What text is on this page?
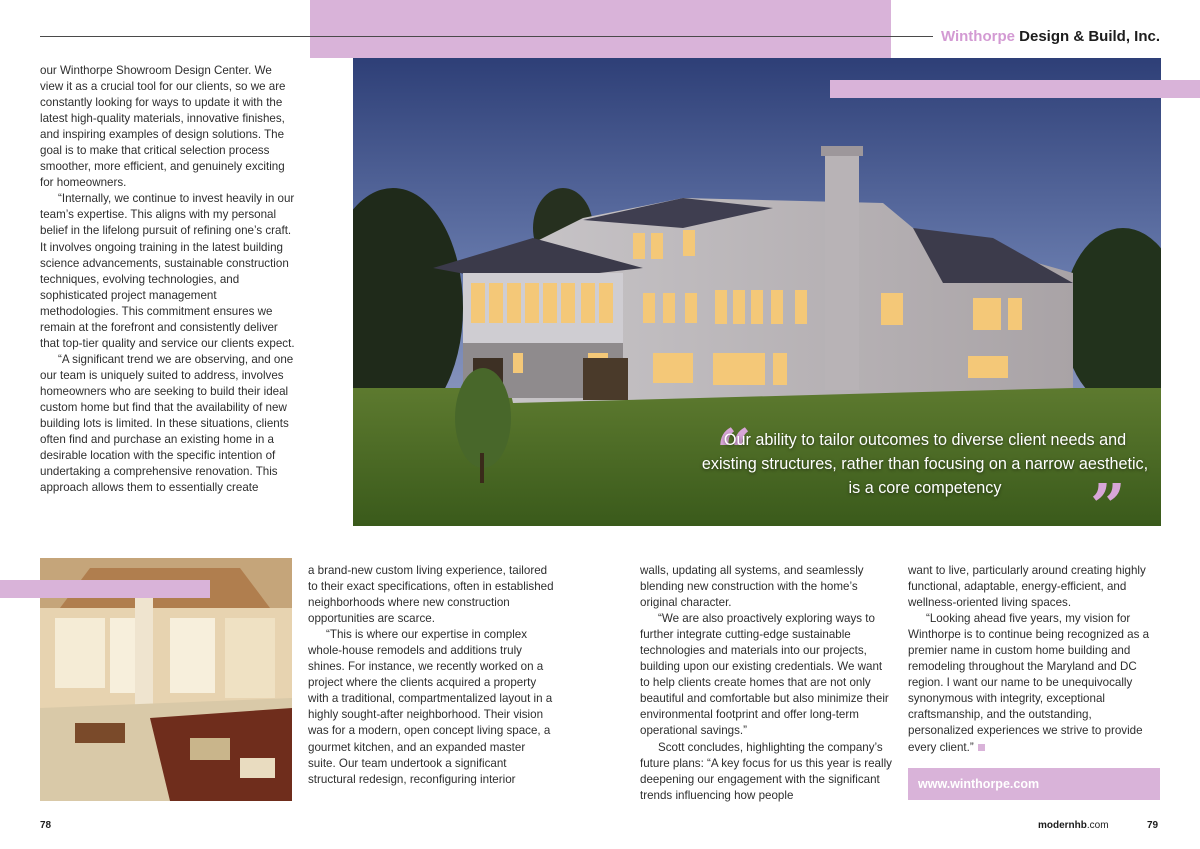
Winthorpe Design & Build, Inc.

our Winthorpe Showroom Design Center. We view it as a crucial tool for our clients, so we are constantly looking for ways to update it with the latest high-quality materials, innovative finishes, and inspiring examples of design solutions. The goal is to make that critical selection process smoother, more efficient, and genuinely exciting for homeowners.

“Internally, we continue to invest heavily in our team’s expertise. This aligns with my personal belief in the lifelong pursuit of refining one’s craft. It involves ongoing training in the latest building science advancements, sustainable construction techniques, evolving technologies, and sophisticated project management methodologies. This commitment ensures we remain at the forefront and consistently deliver that top-tier quality and service our clients expect.

“A significant trend we are observing, and one our team is uniquely suited to address, involves homeowners who are seeking to build their ideal custom home but find that the availability of new building lots is limited. In these situations, clients often find and purchase an existing home in a desirable location with the specific intention of undertaking a comprehensive renovation. This approach allows them to essentially create	“
Our ability to tailor outcomes to diverse client needs and existing structures, rather than focusing on a narrow aesthetic, is a core competency	”

a brand-new custom living experience, tailored to their exact specifications, often in established neighborhoods where new construction opportunities are scarce.

“This is where our expertise in complex whole-house remodels and additions truly shines. For instance, we recently worked on a project where the clients acquired a property with a traditional, compartmentalized layout in a highly sought-after neighborhood. Their vision was for a modern, open concept living space, a gourmet kitchen, and an expanded master suite. Our team undertook a significant structural redesign, reconfiguring interior

walls, updating all systems, and seamlessly blending new construction with the home’s original character.

“We are also proactively exploring ways to further integrate cutting-edge sustainable technologies and materials into our projects, building upon our existing credentials. We want to help clients create homes that are not only beautiful and comfortable but also minimize their environmental footprint and offer long-term operational savings.”

Scott concludes, highlighting the company’s future plans: “A key focus for us this year is really deepening our engagement with the significant trends influencing how people

want to live, particularly around creating highly functional, adaptable, energy-efficient, and wellness-oriented living spaces.

“Looking ahead five years, my vision for Winthorpe is to continue being recognized as a premier name in custom home building and remodeling throughout the Maryland and DC region. I want our name to be unequivocally synonymous with integrity, exceptional craftsmanship, and the outstanding, personalized experiences we strive to provide every client.”

www.winthorpe.com
78	modernhb.com	79
